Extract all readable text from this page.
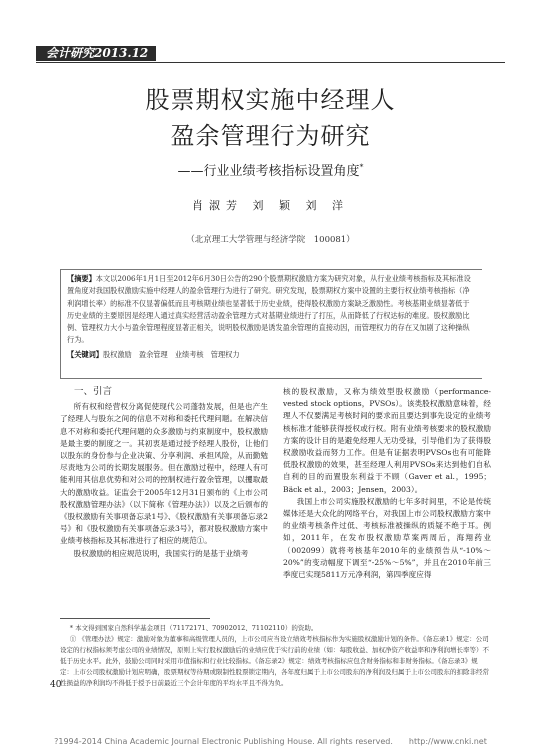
会计研究2013.12
股票期权实施中经理人
盈余管理行为研究
——行业业绩考核指标设置角度*
肖淑芳 刘 颖 刘 洋
（北京理工大学管理与经济学院　100081）
【摘要】本文以2006年1月1日至2012年6月30日公告的290个股票期权激励方案为研究对象，从行业业绩考核指标及其标准设置角度对我国股权激励实施中经理人的盈余管理行为进行了研究。研究发现，股票期权方案中设置的主要行权业绩考核指标（净利润增长率）的标准不仅显著偏低而且考核期业绩也显著低于历史业绩，使得股权激励方案缺乏激励性。考核基期业绩显著低于历史业绩的主要原因是经理人通过真实经营活动盈余管理方式对基期业绩进行了打压，从而降低了行权达标的难度。股权激励比例、管理权力大小与盈余管理程度显著正相关，说明股权激励是诱发盈余管理的直接动因，而管理权力的存在又加剧了这种操纵行为。
【关键词】股权激励　盈余管理　业绩考核　管理权力
一、引言

所有权和经营权分离促使现代公司蓬勃发展，但是也产生了经理人与股东之间的信息不对称和委托代理问题。在解决信息不对称和委托代理问题的众多激励与约束制度中，股权激励是最主要的制度之一。其初衷是通过授予经理人股份，让他们以股东的身份参与企业决策、分享利润、承担风险，从而勤勉尽责地为公司的长期发展服务。但在激励过程中，经理人有可能利用其信息优势和对公司的控制权进行盈余管理，以攫取最大的激励收益。证监会于2005年12月31日颁布的《上市公司股权激励管理办法》（以下简称《管理办法》）以及之后颁布的《股权激励有关事项备忘录1号》、《股权激励有关事项备忘录2号》和《股权激励有关事项备忘录3号》，都对股权激励方案中业绩考核指标及其标准进行了相应的规范①。

股权激励的相应规范说明，我国实行的是基于业绩考

核的股权激励，又称为绩效型股权激励（performance-vested stock options，PVSOs）。该类股权激励意味着，经理人不仅要满足考核时间的要求而且要达到事先设定的业绩考核标准才能够获得授权或行权。附有业绩考核要求的股权激励方案的设计目的是避免经理人无功受禄，引导他们为了获得股权激励收益而努力工作。但是有证据表明PVSOs也有可能降低股权激励的效果，甚至经理人利用PVSOs来达到他们自私自利的目的而置股东利益于不顾（Gaver et al.，1995；Bäck et al.，2003；Jensen，2003）。

我国上市公司实施股权激励的七年多时间里，不论是传统媒体还是大众化的网络平台，对我国上市公司股权激励方案中的业绩考核条件过低、考核标准被操纵的质疑不绝于耳。例如，2011年，在发布股权激励草案两周后，海翔药业（002099）就将考核基年2010年的业绩预告从“-10%～20%”的变动幅度下调至“-25%～5%”，并且在2010年前三季度已实现5811万元净利润，第四季度应得

* 本文得到国家自然科学基金项目（71172171、70902012、71102110）的资助。

① 《管理办法》规定：激励对象为董事和高级管理人员的，上市公司应当设立绩效考核指标作为实施股权激励计划的条件。《备忘录1》规定：公司设定的行权指标须考虑公司的业绩情况，原则上实行股权激励后的业绩应优于实行前的业绩（如：每股收益、加权净资产收益率和净利润增长率等）不低于历史水平。此外，鼓励公司同时采用市值指标和行业比较指标。《备忘录2》规定：绩效考核指标应包含财务指标和非财务指标。《备忘录3》规定：上市公司股权激励计划应明确，股票期权等待期或限制性股票锁定期内，各年度归属于上市公司股东的净利润及归属于上市公司股东的扣除非经常性损益的净利润均不得低于授予日前最近三个会计年度的平均水平且不得为负。

40
?1994-2014 China Academic Journal Electronic Publishing House. All rights reserved.　　http://www.cnki.net
